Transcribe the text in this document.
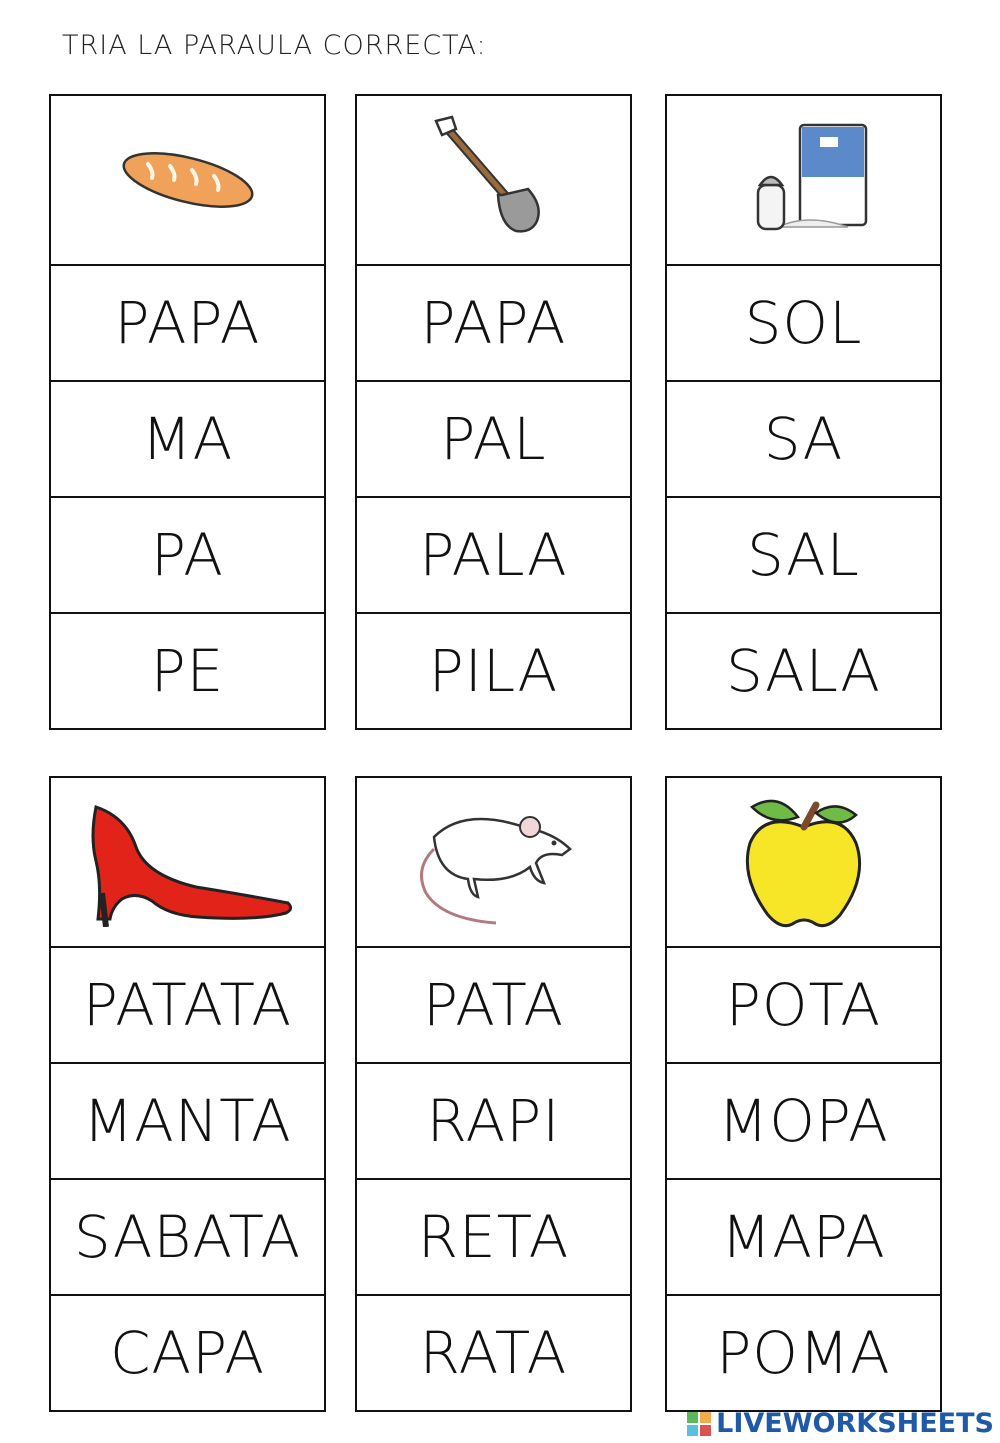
TRIA LA PARAULA CORRECTA:
PAPA
MA
PA
PE
PAPA
PAL
PALA
PILA
SOL
SA
SAL
SALA
PATATA
MANTA
SABATA
CAPA
PATA
RAPI
RETA
RATA
POTA
MOPA
MAPA
POMA
LIVEWORKSHEETS
